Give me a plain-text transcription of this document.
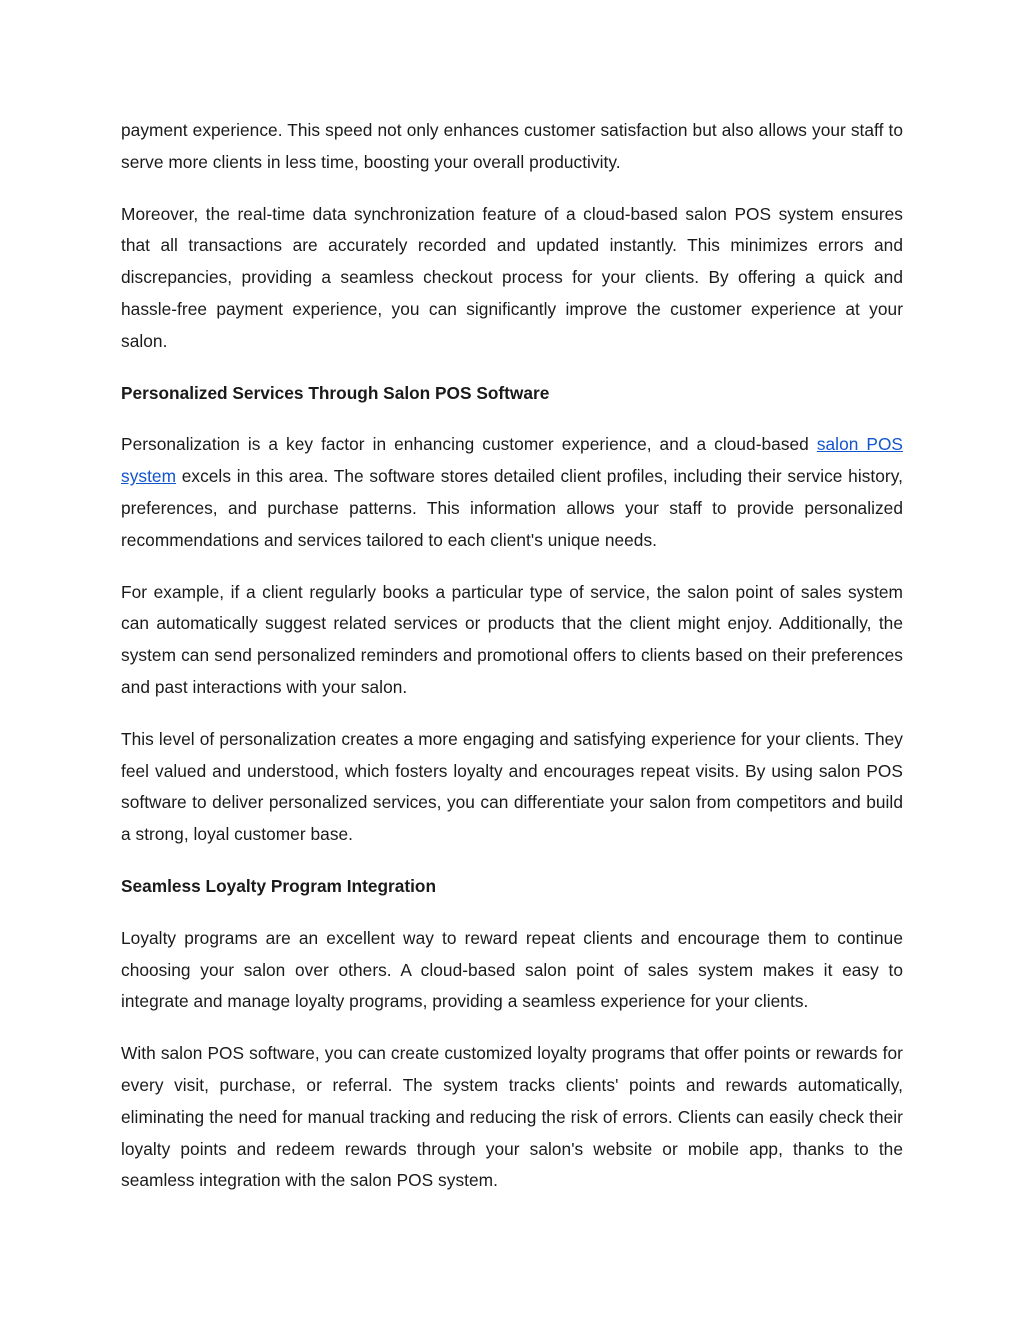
payment experience. This speed not only enhances customer satisfaction but also allows your staff to serve more clients in less time, boosting your overall productivity.

Moreover, the real-time data synchronization feature of a cloud-based salon POS system ensures that all transactions are accurately recorded and updated instantly. This minimizes errors and discrepancies, providing a seamless checkout process for your clients. By offering a quick and hassle-free payment experience, you can significantly improve the customer experience at your salon.

Personalized Services Through Salon POS Software

Personalization is a key factor in enhancing customer experience, and a cloud-based salon POS system excels in this area. The software stores detailed client profiles, including their service history, preferences, and purchase patterns. This information allows your staff to provide personalized recommendations and services tailored to each client's unique needs.

For example, if a client regularly books a particular type of service, the salon point of sales system can automatically suggest related services or products that the client might enjoy. Additionally, the system can send personalized reminders and promotional offers to clients based on their preferences and past interactions with your salon.

This level of personalization creates a more engaging and satisfying experience for your clients. They feel valued and understood, which fosters loyalty and encourages repeat visits. By using salon POS software to deliver personalized services, you can differentiate your salon from competitors and build a strong, loyal customer base.

Seamless Loyalty Program Integration

Loyalty programs are an excellent way to reward repeat clients and encourage them to continue choosing your salon over others. A cloud-based salon point of sales system makes it easy to integrate and manage loyalty programs, providing a seamless experience for your clients.

With salon POS software, you can create customized loyalty programs that offer points or rewards for every visit, purchase, or referral. The system tracks clients' points and rewards automatically, eliminating the need for manual tracking and reducing the risk of errors. Clients can easily check their loyalty points and redeem rewards through your salon's website or mobile app, thanks to the seamless integration with the salon POS system.
